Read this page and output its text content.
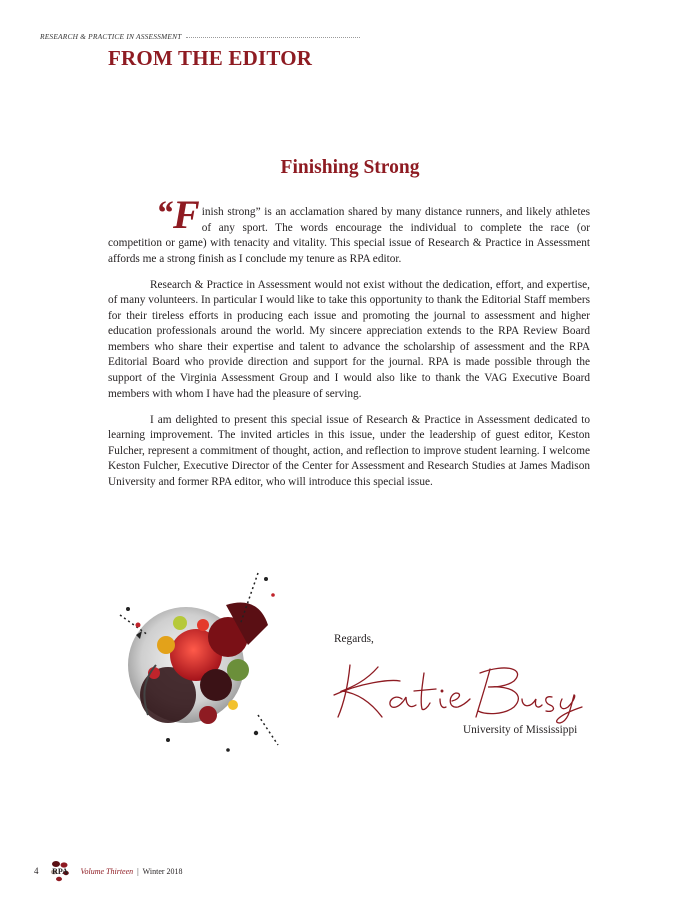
RESEARCH & PRACTICE IN ASSESSMENT
FROM THE EDITOR
Finishing Strong

“F inish strong” is an acclamation shared by many distance runners, and likely athletes of any sport. The words encourage the individual to complete the race (or competition or game) with tenacity and vitality. This special issue of Research & Practice in Assessment affords me a strong finish as I conclude my tenure as RPA editor.

Research & Practice in Assessment would not exist without the dedication, effort, and expertise, of many volunteers. In particular I would like to take this opportunity to thank the Editorial Staff members for their tireless efforts in producing each issue and promoting the journal to assessment and higher education professionals around the world. My sincere appreciation extends to the RPA Review Board members who share their expertise and talent to advance the scholarship of assessment and the RPA Editorial Board who provide direction and support for the journal. RPA is made possible through the support of the Virginia Assessment Group and I would also like to thank the VAG Executive Board members with whom I have had the pleasure of serving.

I am delighted to present this special issue of Research & Practice in Assessment dedicated to learning improvement. The invited articles in this issue, under the leadership of guest editor, Keston Fulcher, represent a commitment of thought, action, and reflection to improve student learning. I welcome Keston Fulcher, Executive Director of the Center for Assessment and Research Studies at James Madison University and former RPA editor, who will introduce this special issue.

Regards,
University of Mississippi
4 RPA Volume Thirteen | Winter 2018
